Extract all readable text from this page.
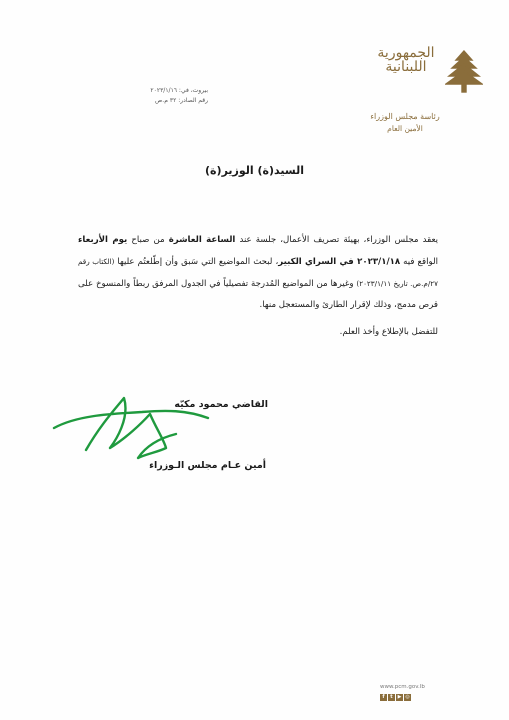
الجمهورية
اللبنانية
رئاسة مجلس الوزراء
الأمين العام
بيروت، في: ٢٠٢٣/١/١٦
رقم الصادر: ٣٢ م.ص
السيد(ة) الوزير(ة)
يعقد مجلس الوزراء، بهيئة تصريف الأعمال، جلسة عند الساعة العاشرة من صباح يوم الأربعاء الواقع فيه ٢٠٢٣/١/١٨ في السراي الكبير، لبحث المواضيع التي سَبق وأن إطّلعتُم عليها (الكتاب رقم ٢٧/م.ص. تاريخ ٢٠٢٣/١/١١) وغيرها من المواضيع المُدرجة تفصيلياً في الجدول المرفق ربطاً والمنسوخ على قرص مدمج، وذلك لإقرار الطارئ والمستعجل منها.
للتفضل بالإطلاع وأخذ العلم.
القاضي محمود مكيّه
أمين عـام مجلس الـوزراء
www.pcm.gov.lb
f	t ▶ ◎
